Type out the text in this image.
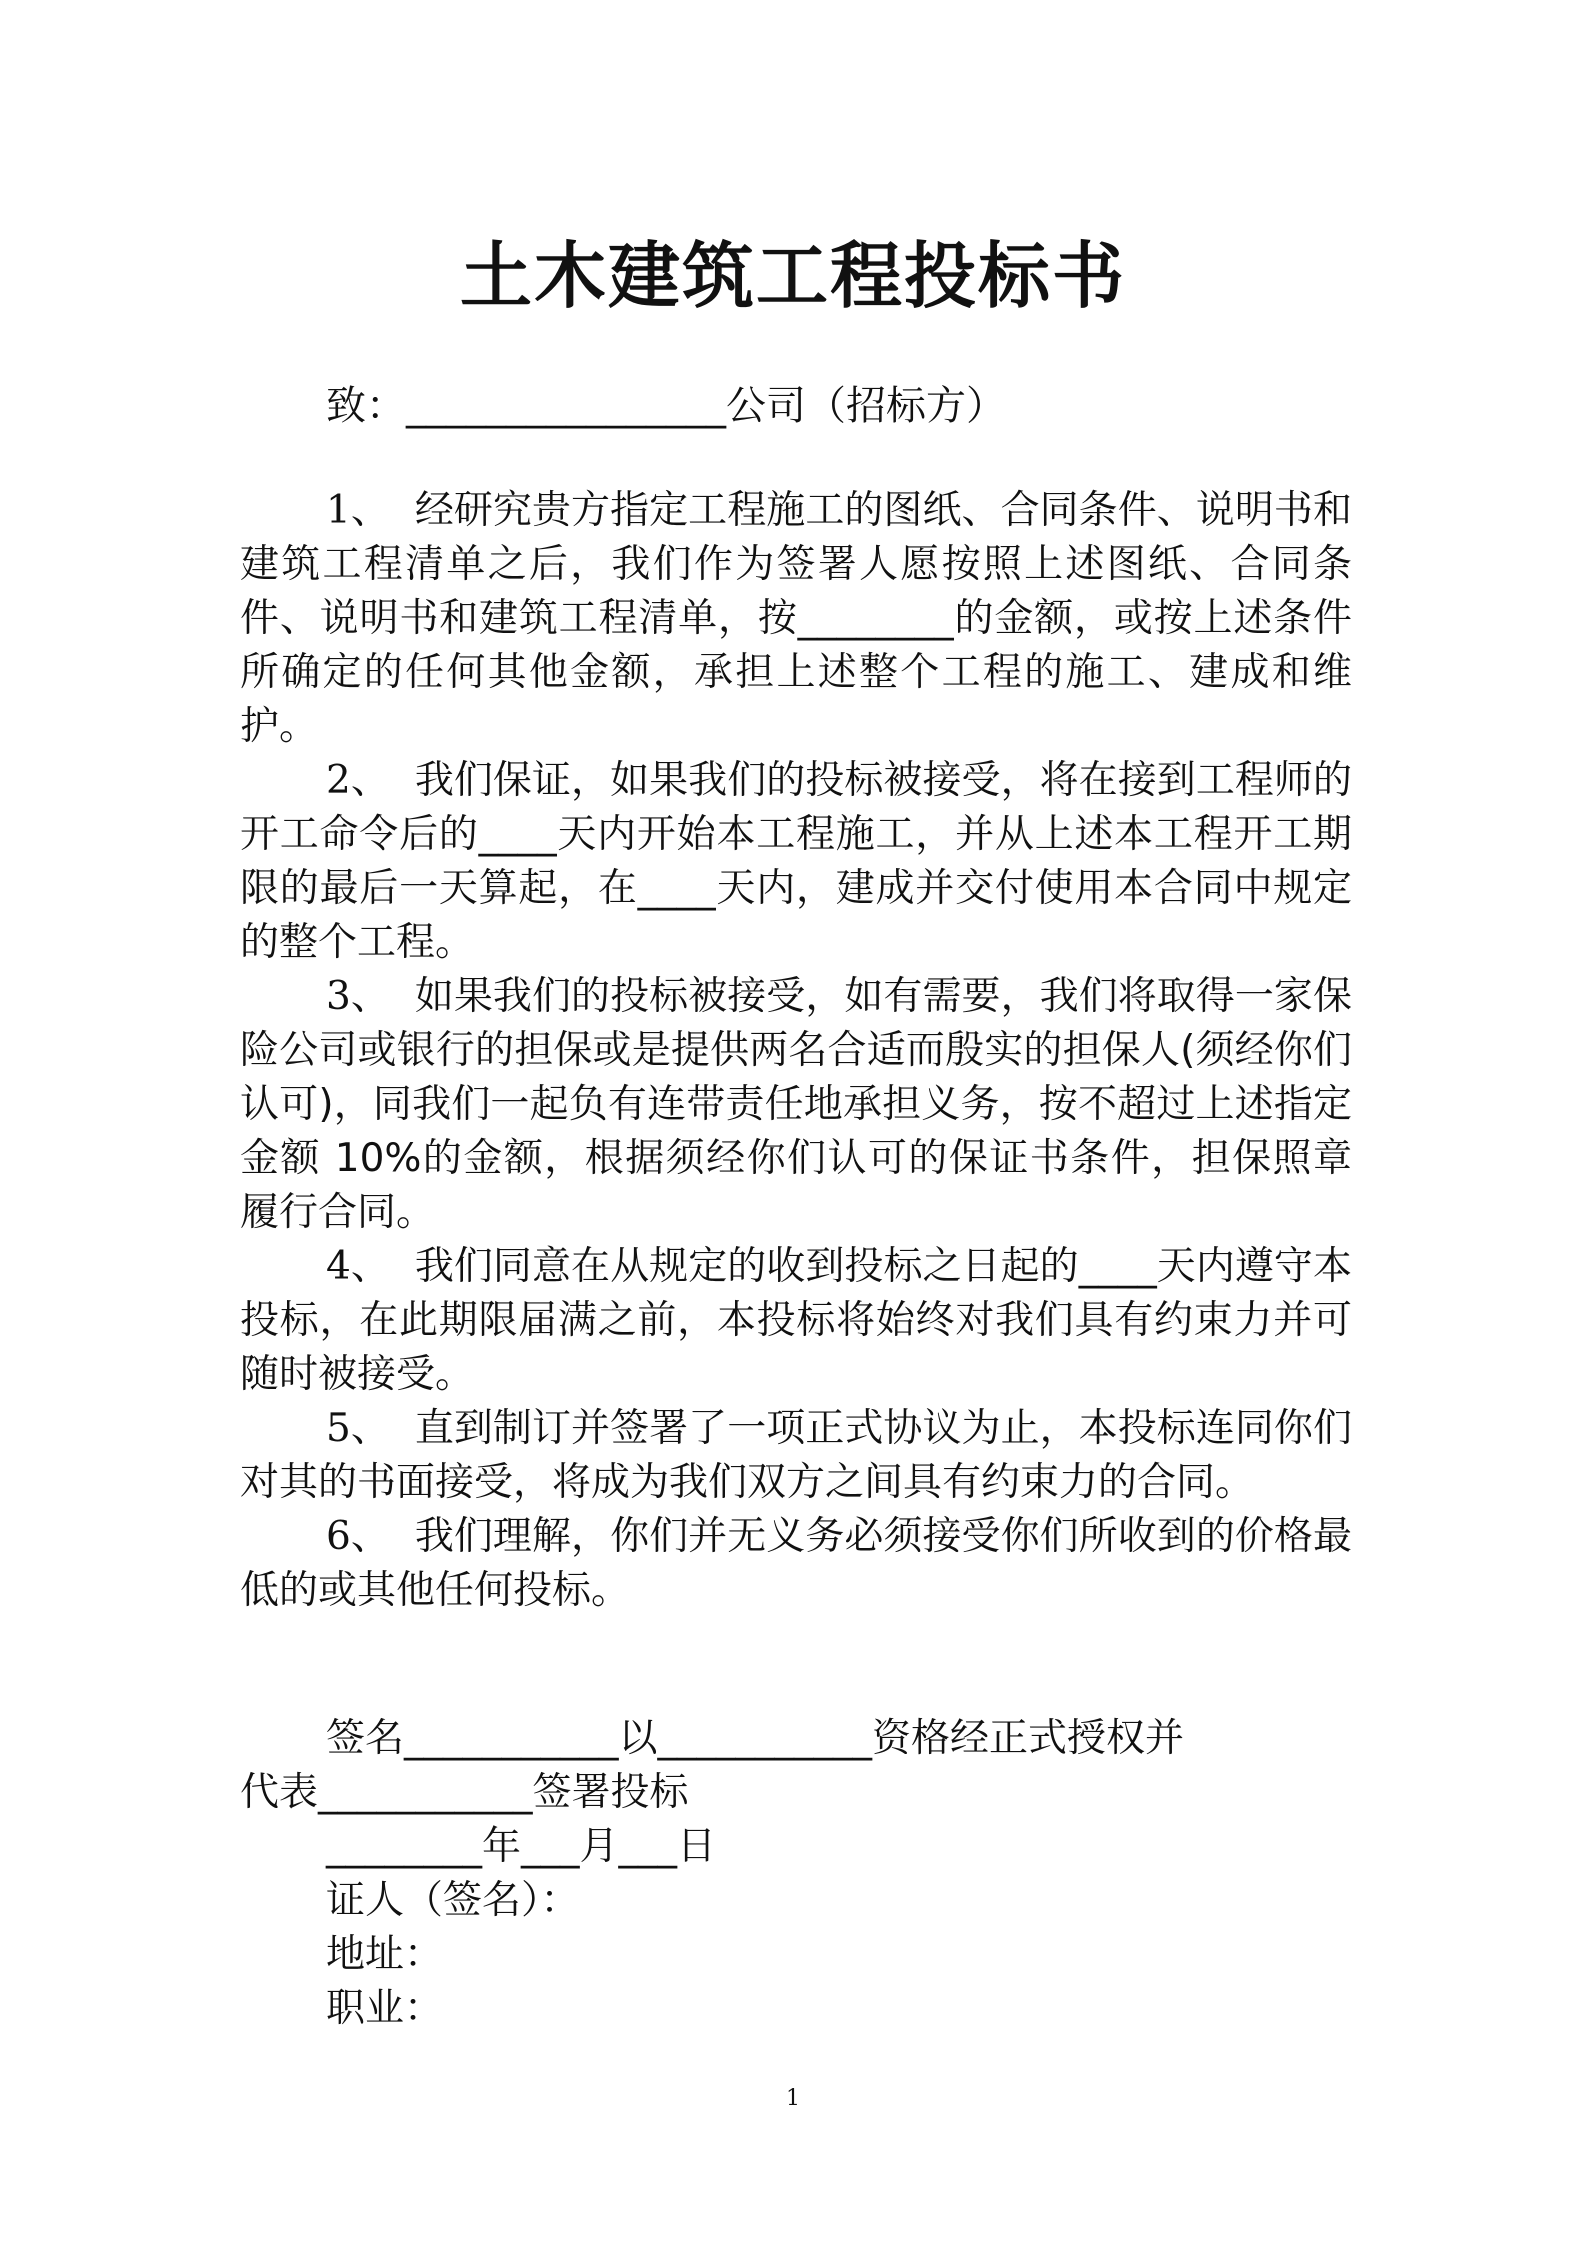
土木建筑工程投标书
致：________________公司（招标方）

1、 经研究贵方指定工程施工的图纸、合同条件、说明书和建筑工程清单之后，我们作为签署人愿按照上述图纸、合同条件、说明书和建筑工程清单，按________的金额，或按上述条件所确定的任何其他金额，承担上述整个工程的施工、建成和维护。

2、 我们保证，如果我们的投标被接受，将在接到工程师的开工命令后的____天内开始本工程施工，并从上述本工程开工期限的最后一天算起，在____天内，建成并交付使用本合同中规定的整个工程。

3、 如果我们的投标被接受，如有需要，我们将取得一家保险公司或银行的担保或是提供两名合适而殷实的担保人(须经你们认可)，同我们一起负有连带责任地承担义务，按不超过上述指定金额 10%的金额，根据须经你们认可的保证书条件，担保照章履行合同。

4、 我们同意在从规定的收到投标之日起的____天内遵守本投标，在此期限届满之前，本投标将始终对我们具有约束力并可随时被接受。

5、 直到制订并签署了一项正式协议为止，本投标连同你们对其的书面接受，将成为我们双方之间具有约束力的合同。

6、 我们理解，你们并无义务必须接受你们所收到的价格最低的或其他任何投标。

签名___________以___________资格经正式授权并

代表___________签署投标

________年___月___日

证人（签名）：

地址：

职业：

1
